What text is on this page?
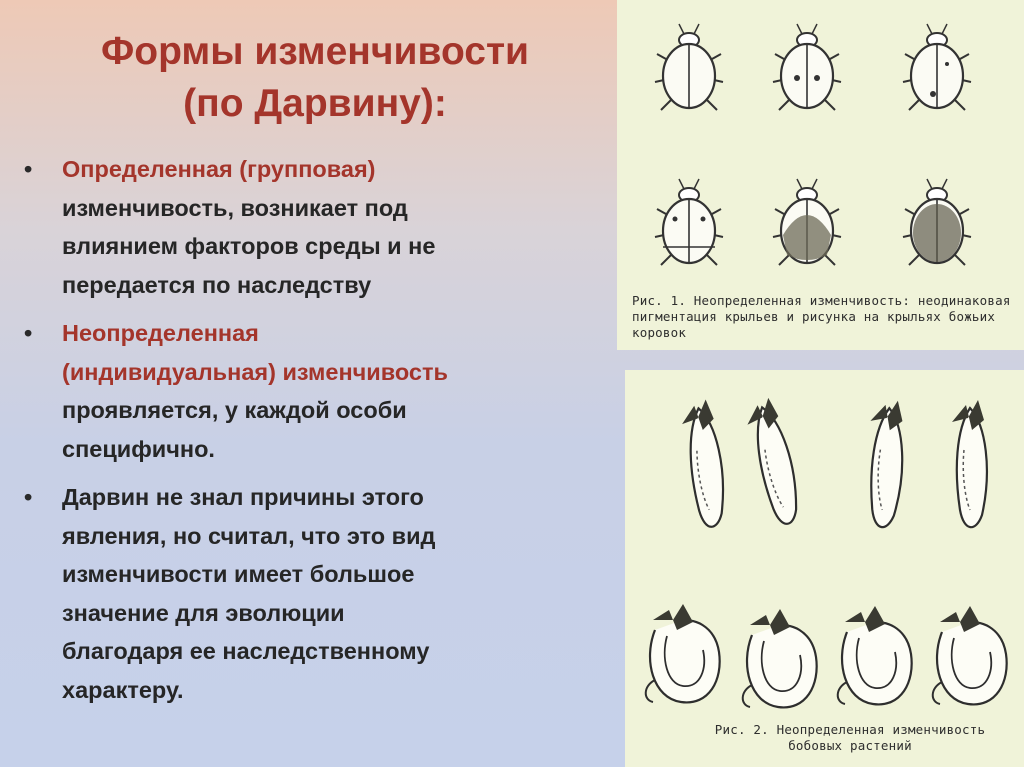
Формы изменчивости
(по Дарвину):
• Определенная (групповая)
изменчивость, возникает под
влиянием факторов среды и не
передается по наследству
• Неопределенная
(индивидуальная) изменчивость
проявляется, у каждой особи
специфично.
• Дарвин не знал причины этого
явления, но считал, что это вид
изменчивости имеет большое
значение для эволюции
благодаря ее наследственному
характеру.
Рис. 1. Неопределенная изменчивость: неодинаковая
пигментация крыльев и рисунка на крыльях божьих
коровок
Рис. 2. Неопределенная изменчивость
бобовых растений
